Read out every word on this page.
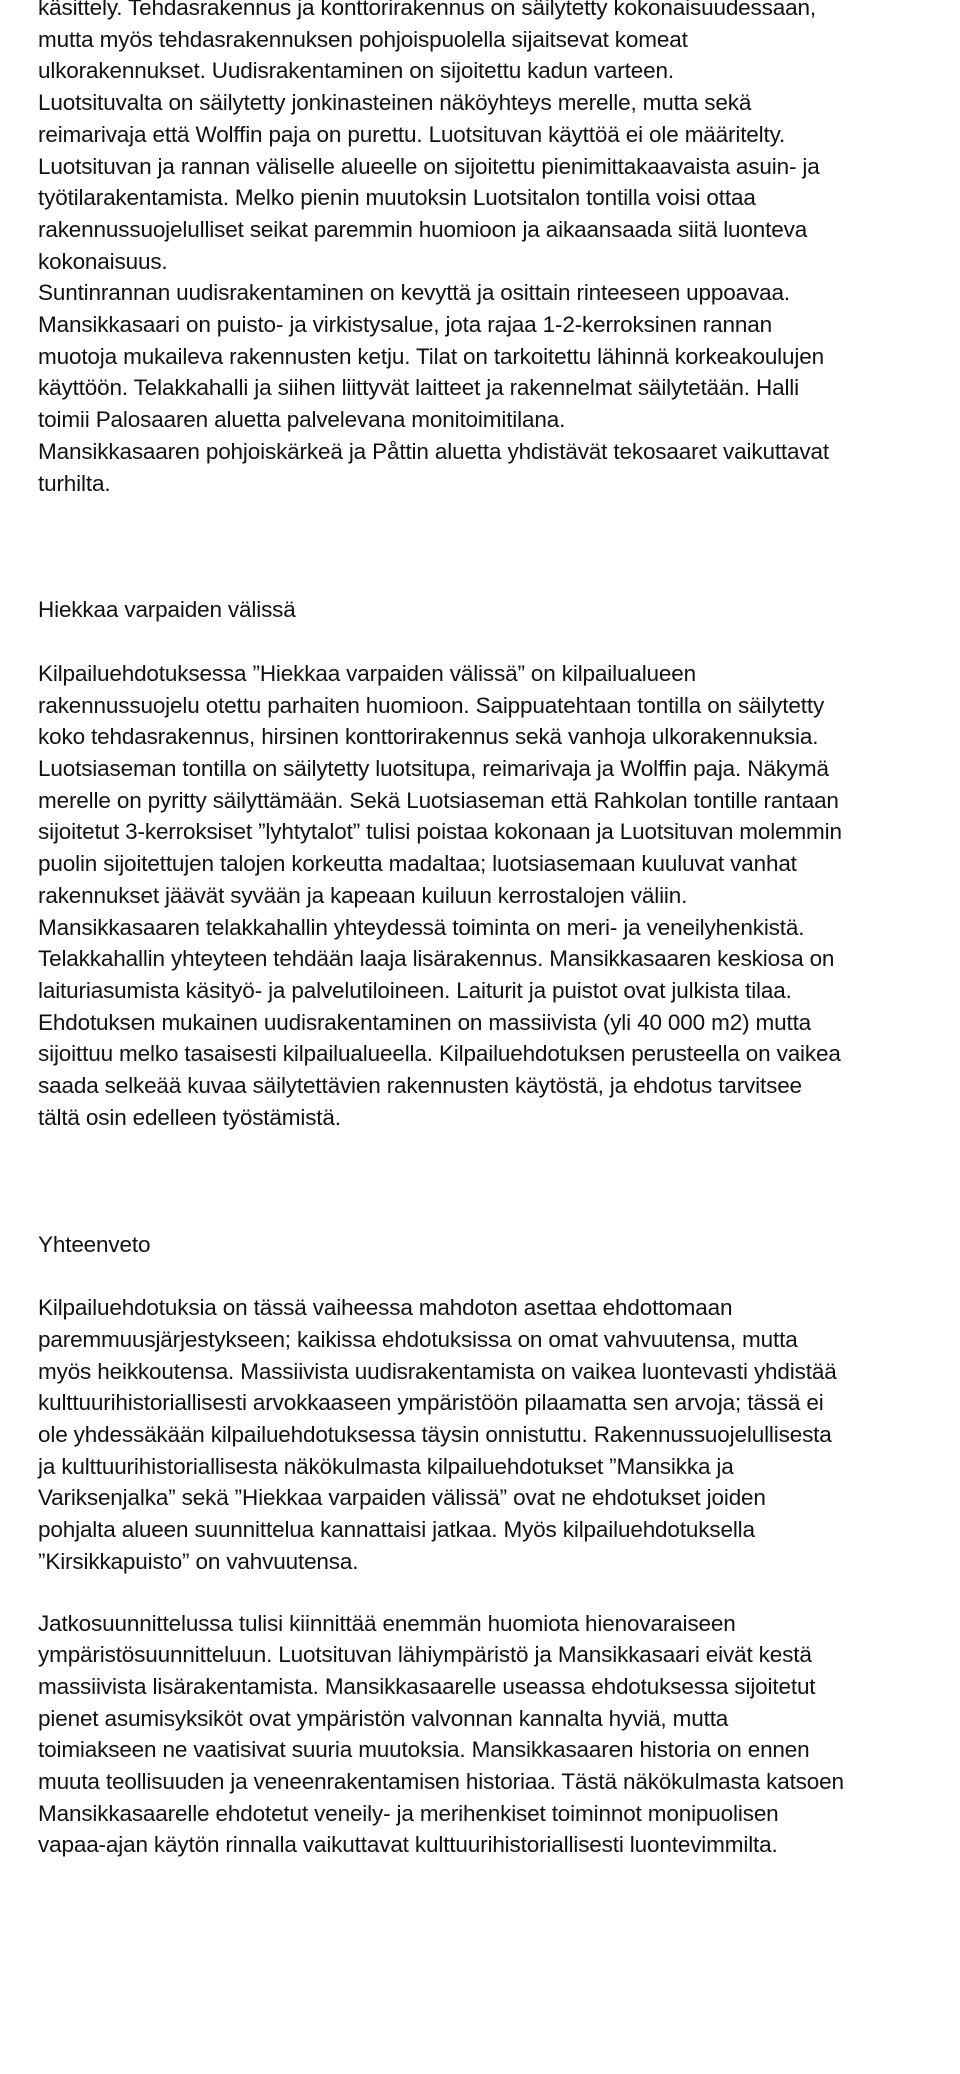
käsittely. Tehdasrakennus ja konttorirakennus on säilytetty kokonaisuudessaan,
mutta myös tehdasrakennuksen pohjoispuolella sijaitsevat komeat
ulkorakennukset. Uudisrakentaminen on sijoitettu kadun varteen.
Luotsituvalta on säilytetty jonkinasteinen näköyhteys merelle, mutta sekä
reimarivaja että Wolffin paja on purettu. Luotsituvan käyttöä ei ole määritelty.
Luotsituvan ja rannan väliselle alueelle on sijoitettu pienimittakaavaista asuin- ja
työtilarakentamista. Melko pienin muutoksin Luotsitalon tontilla voisi ottaa
rakennussuojelulliset seikat paremmin huomioon ja aikaansaada siitä luonteva
kokonaisuus.
Suntinrannan uudisrakentaminen on kevyttä ja osittain rinteeseen uppoavaa.
Mansikkasaari on puisto- ja virkistysalue, jota rajaa 1-2-kerroksinen rannan
muotoja mukaileva rakennusten ketju. Tilat on tarkoitettu lähinnä korkeakoulujen
käyttöön. Telakkahalli ja siihen liittyvät laitteet ja rakennelmat säilytetään. Halli
toimii Palosaaren aluetta palvelevana monitoimitilana.
Mansikkasaaren pohjoiskärkeä ja Påttin aluetta yhdistävät tekosaaret vaikuttavat
turhilta.

Hiekkaa varpaiden välissä

Kilpailuehdotuksessa ”Hiekkaa varpaiden välissä” on kilpailualueen
rakennussuojelu otettu parhaiten huomioon. Saippuatehtaan tontilla on säilytetty
koko tehdasrakennus, hirsinen konttorirakennus sekä vanhoja ulkorakennuksia.
Luotsiaseman tontilla on säilytetty luotsitupa, reimarivaja ja Wolffin paja. Näkymä
merelle on pyritty säilyttämään. Sekä Luotsiaseman että Rahkolan tontille rantaan
sijoitetut 3-kerroksiset ”lyhtytalot” tulisi poistaa kokonaan ja Luotsituvan molemmin
puolin sijoitettujen talojen korkeutta madaltaa; luotsiasemaan kuuluvat vanhat
rakennukset jäävät syvään ja kapeaan kuiluun kerrostalojen väliin.
Mansikkasaaren telakkahallin yhteydessä toiminta on meri- ja veneilyhenkistä.
Telakkahallin yhteyteen tehdään laaja lisärakennus. Mansikkasaaren keskiosa on
laituriasumista käsityö- ja palvelutiloineen. Laiturit ja puistot ovat julkista tilaa.
Ehdotuksen mukainen uudisrakentaminen on massiivista (yli 40 000 m2) mutta
sijoittuu melko tasaisesti kilpailualueella. Kilpailuehdotuksen perusteella on vaikea
saada selkeää kuvaa säilytettävien rakennusten käytöstä, ja ehdotus tarvitsee
tältä osin edelleen työstämistä.

Yhteenveto

Kilpailuehdotuksia on tässä vaiheessa mahdoton asettaa ehdottomaan
paremmuusjärjestykseen; kaikissa ehdotuksissa on omat vahvuutensa, mutta
myös heikkoutensa. Massiivista uudisrakentamista on vaikea luontevasti yhdistää
kulttuurihistoriallisesti arvokkaaseen ympäristöön pilaamatta sen arvoja; tässä ei
ole yhdessäkään kilpailuehdotuksessa täysin onnistuttu. Rakennussuojelullisesta
ja kulttuurihistoriallisesta näkökulmasta kilpailuehdotukset ”Mansikka ja
Variksenjalka” sekä ”Hiekkaa varpaiden välissä” ovat ne ehdotukset joiden
pohjalta alueen suunnittelua kannattaisi jatkaa. Myös kilpailuehdotuksella
”Kirsikkapuisto” on vahvuutensa.

Jatkosuunnittelussa tulisi kiinnittää enemmän huomiota hienovaraiseen
ympäristösuunnitteluun. Luotsituvan lähiympäristö ja Mansikkasaari eivät kestä
massiivista lisärakentamista. Mansikkasaarelle useassa ehdotuksessa sijoitetut
pienet asumisyksiköt ovat ympäristön valvonnan kannalta hyviä, mutta
toimiakseen ne vaatisivat suuria muutoksia. Mansikkasaaren historia on ennen
muuta teollisuuden ja veneenrakentamisen historiaa. Tästä näkökulmasta katsoen
Mansikkasaarelle ehdotetut veneily- ja merihenkiset toiminnot monipuolisen
vapaa-ajan käytön rinnalla vaikuttavat kulttuurihistoriallisesti luontevimmilta.
